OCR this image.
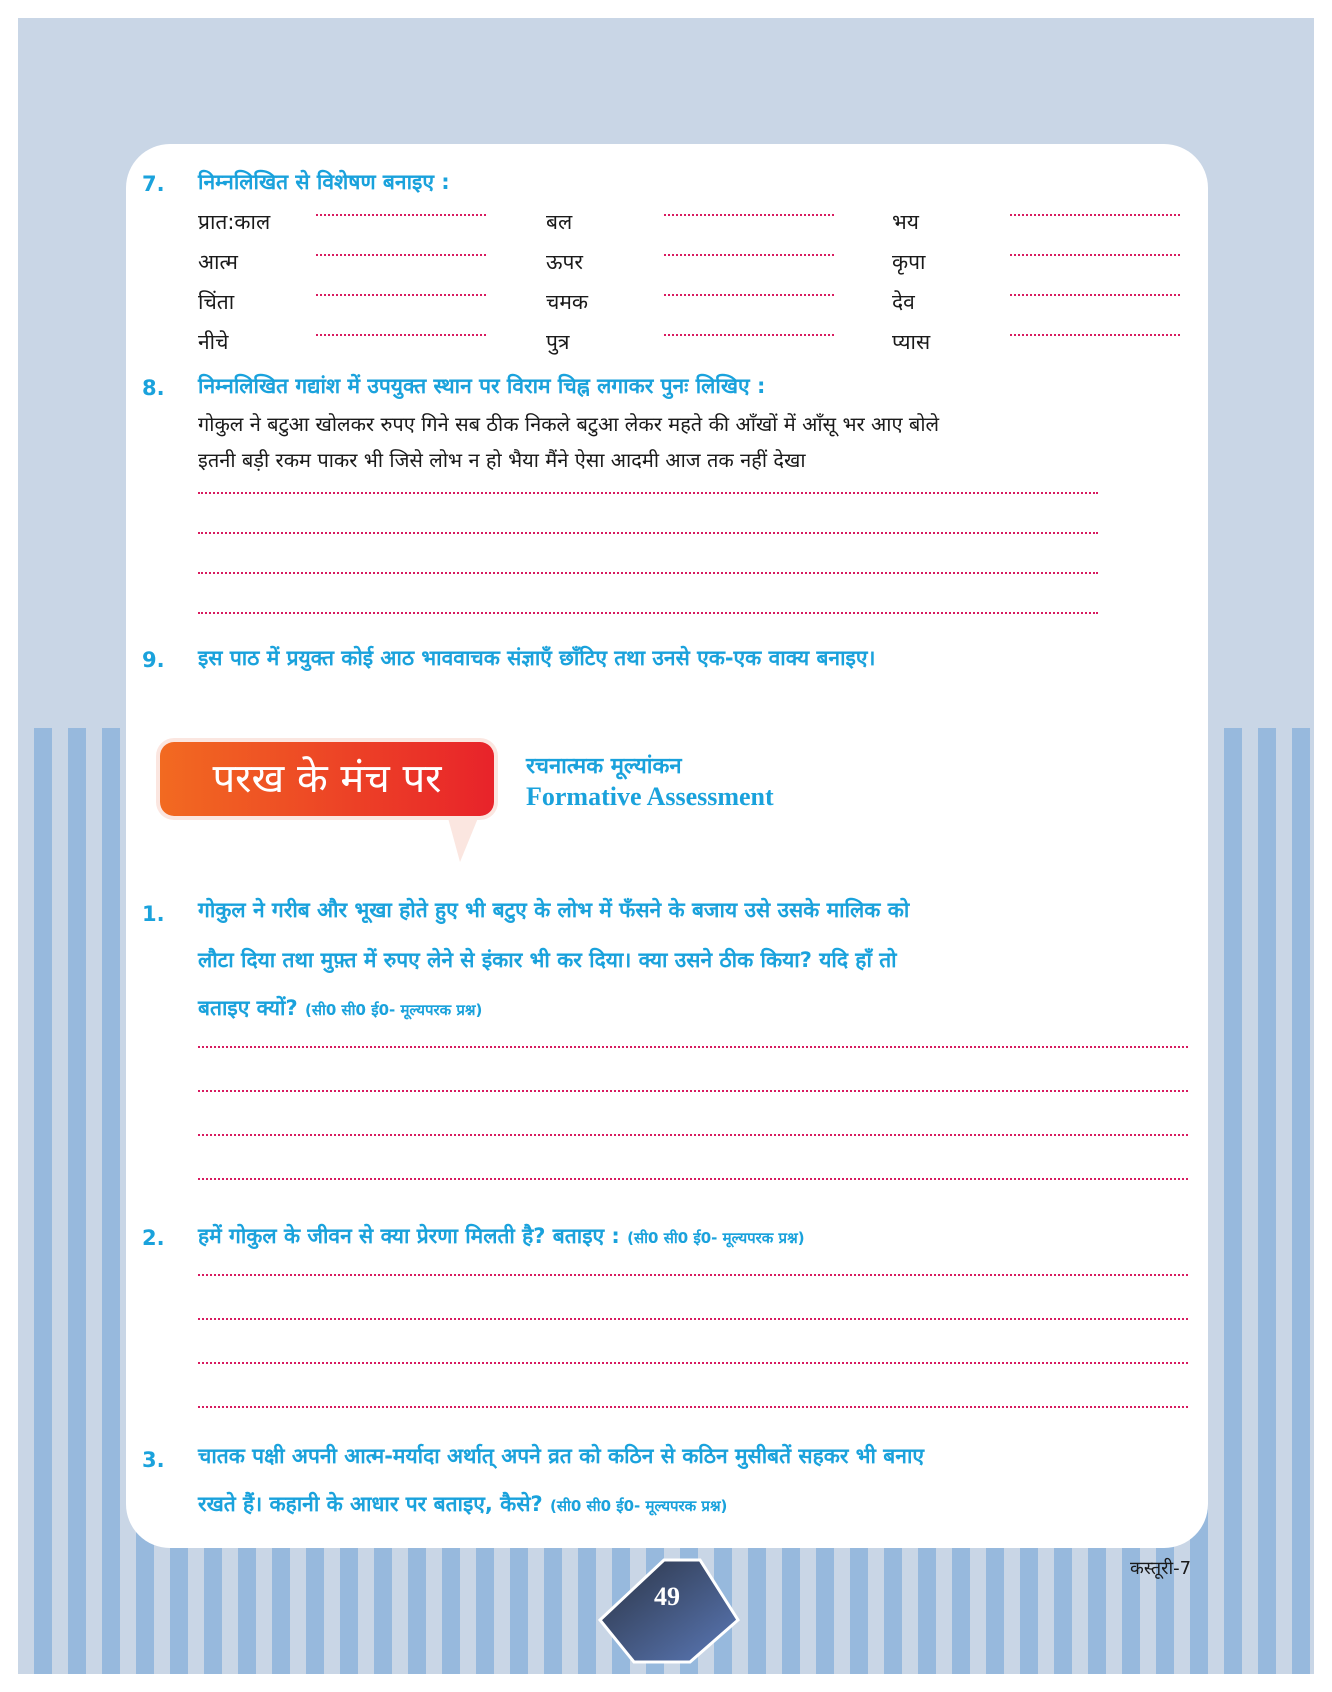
7. निम्नलिखित से विशेषण बनाइए :
प्रात:काल	बल	भय
आत्म	ऊपर	कृपा
चिंता	चमक	देव
नीचे	पुत्र	प्यास
8. निम्नलिखित गद्यांश में उपयुक्त स्थान पर विराम चिह्न लगाकर पुनः लिखिए :
गोकुल ने बटुआ खोलकर रुपए गिने सब ठीक निकले बटुआ लेकर महते की आँखों में आँसू भर आए बोले
इतनी बड़ी रकम पाकर भी जिसे लोभ न हो भैया मैंने ऐसा आदमी आज तक नहीं देखा
9. इस पाठ में प्रयुक्त कोई आठ भाववाचक संज्ञाएँ छाँटिए तथा उनसे एक-एक वाक्य बनाइए।
परख के मंच पर	रचनात्मक मूल्यांकन
Formative Assessment
1. गोकुल ने गरीब और भूखा होते हुए भी बटुए के लोभ में फँसने के बजाय उसे उसके मालिक को
लौटा दिया तथा मुफ़्त में रुपए लेने से इंकार भी कर दिया। क्या उसने ठीक किया? यदि हाँ तो
बताइए क्यों? (सी0 सी0 ई0- मूल्यपरक प्रश्न)
2. हमें गोकुल के जीवन से क्या प्रेरणा मिलती है? बताइए : (सी0 सी0 ई0- मूल्यपरक प्रश्न)
3. चातक पक्षी अपनी आत्म-मर्यादा अर्थात् अपने व्रत को कठिन से कठिन मुसीबतें सहकर भी बनाए
रखते हैं। कहानी के आधार पर बताइए, कैसे? (सी0 सी0 ई0- मूल्यपरक प्रश्न)
49
कस्तूरी-7
